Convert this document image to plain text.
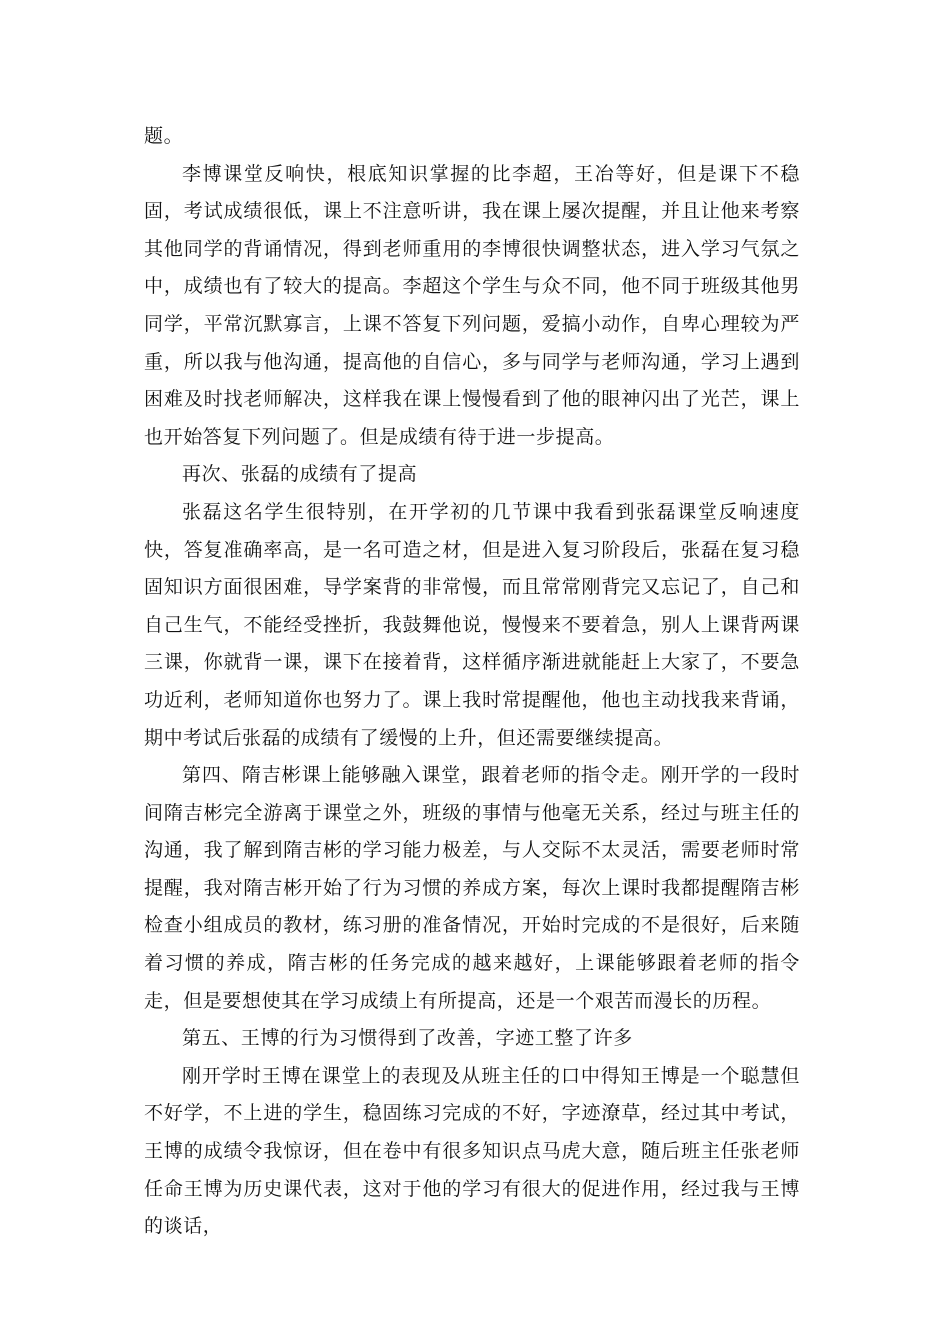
题。

李博课堂反响快，根底知识掌握的比李超，王冶等好，但是课下不稳固，考试成绩很低，课上不注意听讲，我在课上屡次提醒，并且让他来考察其他同学的背诵情况，得到老师重用的李博很快调整状态，进入学习气氛之中，成绩也有了较大的提高。李超这个学生与众不同，他不同于班级其他男同学，平常沉默寡言，上课不答复下列问题，爱搞小动作，自卑心理较为严重，所以我与他沟通，提高他的自信心，多与同学与老师沟通，学习上遇到困难及时找老师解决，这样我在课上慢慢看到了他的眼神闪出了光芒，课上也开始答复下列问题了。但是成绩有待于进一步提高。

再次、张磊的成绩有了提高

张磊这名学生很特别，在开学初的几节课中我看到张磊课堂反响速度快，答复准确率高，是一名可造之材，但是进入复习阶段后，张磊在复习稳固知识方面很困难，导学案背的非常慢，而且常常刚背完又忘记了，自己和自己生气，不能经受挫折，我鼓舞他说，慢慢来不要着急，别人上课背两课三课，你就背一课，课下在接着背，这样循序渐进就能赶上大家了，不要急功近利，老师知道你也努力了。课上我时常提醒他，他也主动找我来背诵，期中考试后张磊的成绩有了缓慢的上升，但还需要继续提高。

第四、隋吉彬课上能够融入课堂，跟着老师的指令走。刚开学的一段时间隋吉彬完全游离于课堂之外，班级的事情与他毫无关系，经过与班主任的沟通，我了解到隋吉彬的学习能力极差，与人交际不太灵活，需要老师时常提醒，我对隋吉彬开始了行为习惯的养成方案，每次上课时我都提醒隋吉彬检查小组成员的教材，练习册的准备情况，开始时完成的不是很好，后来随着习惯的养成，隋吉彬的任务完成的越来越好，上课能够跟着老师的指令走，但是要想使其在学习成绩上有所提高，还是一个艰苦而漫长的历程。

第五、王博的行为习惯得到了改善，字迹工整了许多

刚开学时王博在课堂上的表现及从班主任的口中得知王博是一个聪慧但不好学，不上进的学生，稳固练习完成的不好，字迹潦草，经过其中考试，王博的成绩令我惊讶，但在卷中有很多知识点马虎大意，随后班主任张老师任命王博为历史课代表，这对于他的学习有很大的促进作用，经过我与王博的谈话，
